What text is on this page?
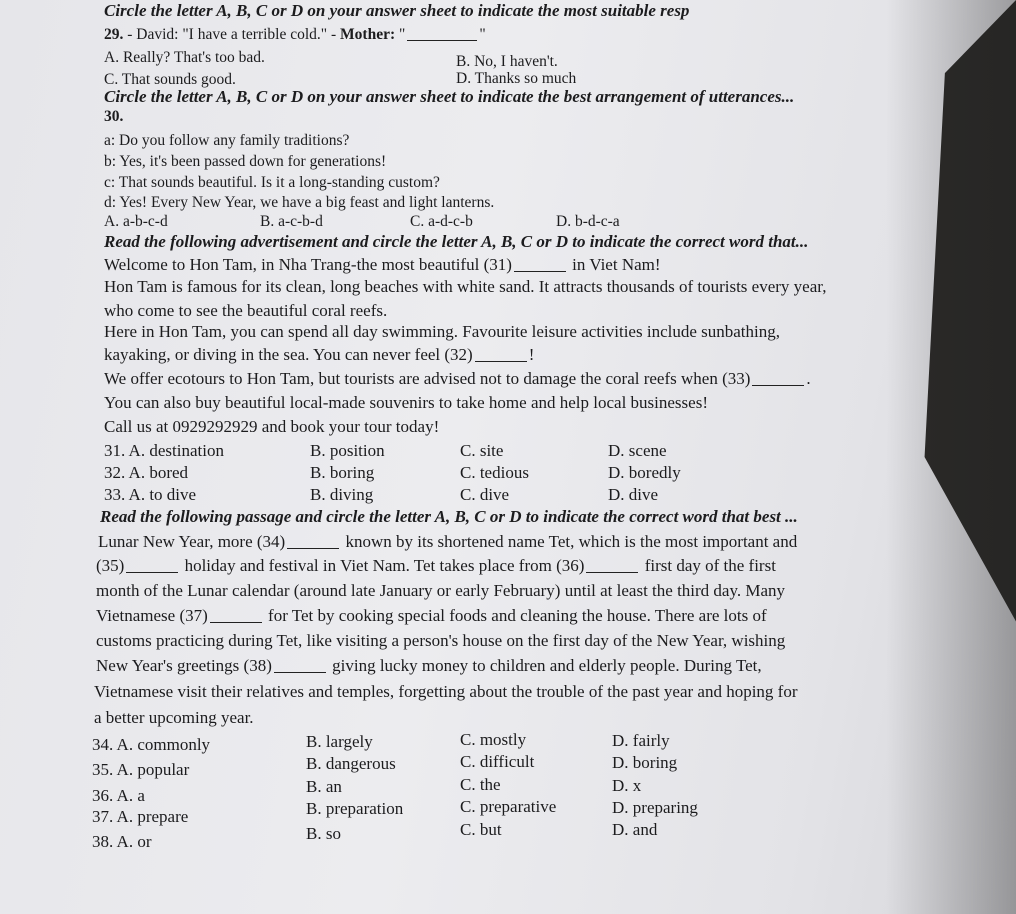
Circle the letter A, B, C or D on your answer sheet to indicate the most suitable resp
29. - David: "I have a terrible cold." - Mother: "	"
A. Really? That's too bad.	B. No, I haven't.
C. That sounds good.	D. Thanks so much
Circle the letter A, B, C or D on your answer sheet to indicate the best arrangement of utterances...
30.
a: Do you follow any family traditions?
b: Yes, it's been passed down for generations!
c: That sounds beautiful. Is it a long-standing custom?
d: Yes! Every New Year, we have a big feast and light lanterns.
A. a-b-c-d	B. a-c-b-d	C. a-d-c-b	D. b-d-c-a
Read the following advertisement and circle the letter A, B, C or D to indicate the correct word that...
Welcome to Hon Tam, in Nha Trang-the most beautiful (31)	in Viet Nam!
Hon Tam is famous for its clean, long beaches with white sand. It attracts thousands of tourists every year,
who come to see the beautiful coral reefs.
Here in Hon Tam, you can spend all day swimming. Favourite leisure activities include sunbathing,
kayaking, or diving in the sea. You can never feel (32)	!
We offer ecotours to Hon Tam, but tourists are advised not to damage the coral reefs when (33)	.
You can also buy beautiful local-made souvenirs to take home and help local businesses!
Call us at 0929292929 and book your tour today!
31. A. destination	B. position	C. site	D. scene
32. A. bored	B. boring	C. tedious	D. boredly
33. A. to dive	B. diving	C. dive	D. dive
Read the following passage and circle the letter A, B, C or D to indicate the correct word that best ...
Lunar New Year, more (34)	known by its shortened name Tet, which is the most important and
(35)	holiday and festival in Viet Nam. Tet takes place from (36)	first day of the first
month of the Lunar calendar (around late January or early February) until at least the third day. Many
Vietnamese (37)	for Tet by cooking special foods and cleaning the house. There are lots of
customs practicing during Tet, like visiting a person's house on the first day of the New Year, wishing
New Year's greetings (38)	giving lucky money to children and elderly people. During Tet,
Vietnamese visit their relatives and temples, forgetting about the trouble of the past year and hoping for
a better upcoming year.
34. A. commonly	B. largely	C. mostly	D. fairly
35. A. popular	B. dangerous	C. difficult	D. boring
36. A. a	B. an	C. the	D. x
37. A. prepare	B. preparation	C. preparative	D. preparing
38. A. or	B. so	C. but	D. and
